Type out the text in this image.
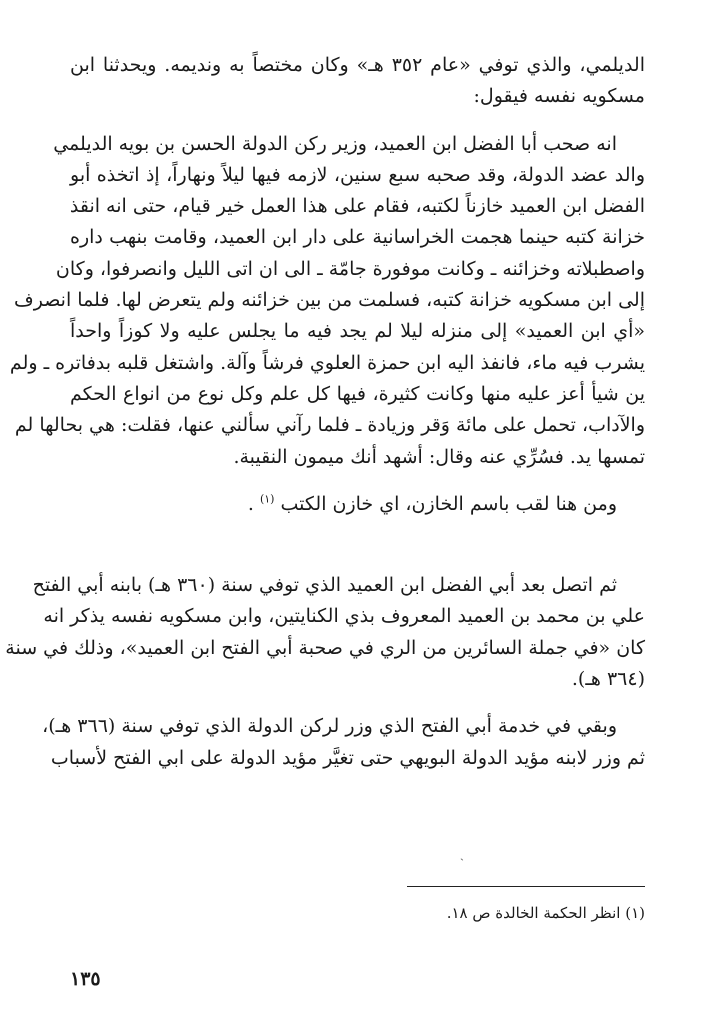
الديلمي، والذي توفي «عام ٣٥٢ هـ» وكان مختصاً به ونديمه. ويحدثنا ابن
مسكويه نفسه فيقول:
انه صحب أبا الفضل ابن العميد، وزير ركن الدولة الحسن بن بويه الديلمي
والد عضد الدولة، وقد صحبه سبع سنين، لازمه فيها ليلاً ونهاراً، إذ اتخذه أبو
الفضل ابن العميد خازناً لكتبه، فقام على هذا العمل خير قيام، حتى انه انقذ
خزانة كتبه حينما هجمت الخراسانية على دار ابن العميد، وقامت بنهب داره
واصطبلاته وخزائنه ـ وكانت موفورة جامّة ـ الى ان اتى الليل وانصرفوا، وكان
إلى ابن مسكويه خزانة كتبه، فسلمت من بين خزائنه ولم يتعرض لها. فلما انصرف
«أي ابن العميد» إلى منزله ليلا لم يجد فيه ما يجلس عليه ولا كوزاً واحداً
يشرب فيه ماء، فانفذ اليه ابن حمزة العلوي فرشاً وآلة. واشتغل قلبه بدفاتره ـ ولم
ين شيأ أعز عليه منها وكانت كثيرة، فيها كل علم وكل نوع من انواع الحكم
والآداب، تحمل على مائة وَقر وزيادة ـ فلما رآني سألني عنها، فقلت: هي بحالها لم
تمسها يد. فسُرِّي عنه وقال: أشهد أنك ميمون النقيبة.
ومن هنا لقب باسم الخازن، اي خازن الكتب $^{(١)}$ .
ثم اتصل بعد أبي الفضل ابن العميد الذي توفي سنة (٣٦٠ هـ) بابنه أبي الفتح
علي بن محمد بن العميد المعروف بذي الكنايتين، وابن مسكويه نفسه يذكر انه
كان «في جملة السائرين من الري في صحبة أبي الفتح ابن العميد»، وذلك في سنة
(٣٦٤ هـ).
وبقي في خدمة أبي الفتح الذي وزر لركن الدولة الذي توفي سنة (٣٦٦ هـ)،
ثم وزر لابنه مؤيد الدولة البويهي حتى تغيَّر مؤيد الدولة على ابي الفتح لأسباب
ˎ
(١) انظر الحكمة الخالدة ص ١٨.
١٣٥
